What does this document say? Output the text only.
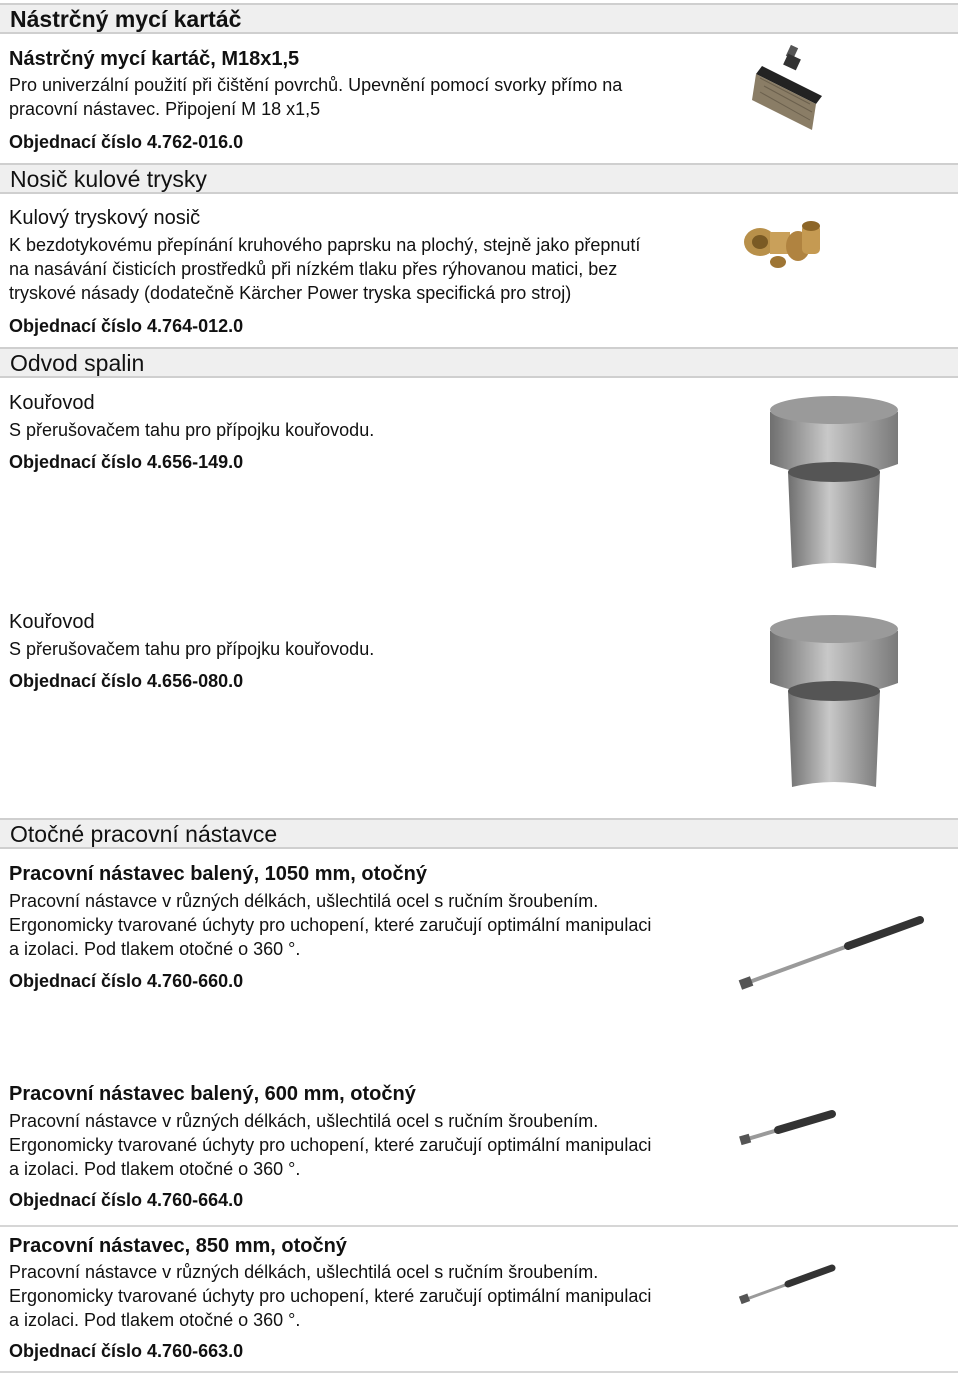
Nástrčný mycí kartáč
Nástrčný mycí kartáč, M18x1,5
Pro univerzální použití při čištění povrchů. Upevnění pomocí svorky přímo na
pracovní nástavec. Připojení M 18 x1,5
Objednací číslo 4.762-016.0
Nosič kulové trysky
Kulový tryskový nosič
K bezdotykovému přepínání kruhového paprsku na plochý, stejně jako přepnutí
na nasávání čisticích prostředků při nízkém tlaku přes rýhovanou matici, bez
tryskové násady (dodatečně Kärcher Power tryska specifická pro stroj)
Objednací číslo 4.764-012.0
Odvod spalin
Kouřovod
S přerušovačem tahu pro přípojku kouřovodu.
Objednací číslo 4.656-149.0
Kouřovod
S přerušovačem tahu pro přípojku kouřovodu.
Objednací číslo 4.656-080.0
Otočné pracovní nástavce
Pracovní nástavec balený, 1050 mm, otočný
Pracovní nástavce v různých délkách, ušlechtilá ocel s ručním šroubením.
Ergonomicky tvarované úchyty pro uchopení, které zaručují optimální manipulaci
a izolaci. Pod tlakem otočné o 360 °.
Objednací číslo 4.760-660.0
Pracovní nástavec balený, 600 mm, otočný
Pracovní nástavce v různých délkách, ušlechtilá ocel s ručním šroubením.
Ergonomicky tvarované úchyty pro uchopení, které zaručují optimální manipulaci
a izolaci. Pod tlakem otočné o 360 °.
Objednací číslo 4.760-664.0
Pracovní nástavec, 850 mm, otočný
Pracovní nástavce v různých délkách, ušlechtilá ocel s ručním šroubením.
Ergonomicky tvarované úchyty pro uchopení, které zaručují optimální manipulaci
a izolaci. Pod tlakem otočné o 360 °.
Objednací číslo 4.760-663.0
